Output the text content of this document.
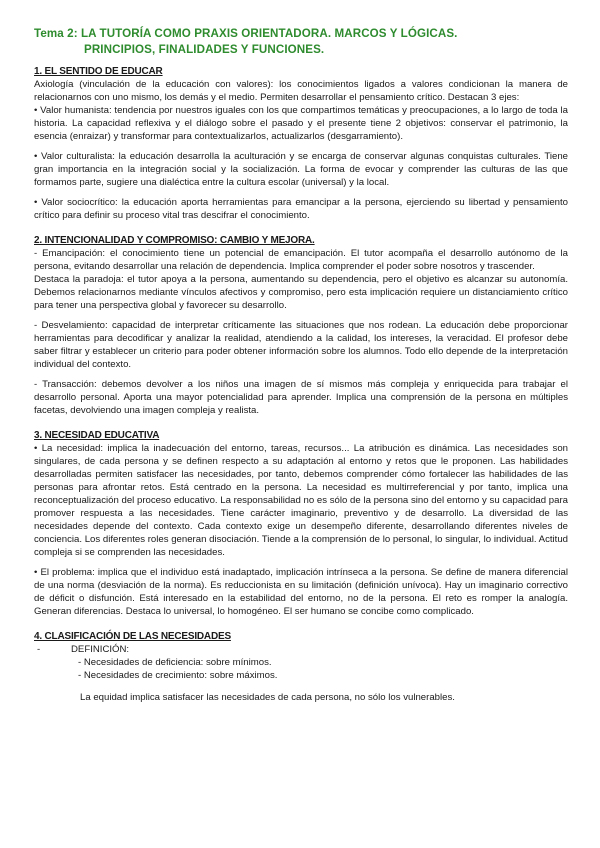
Tema 2: LA TUTORÍA COMO PRAXIS ORIENTADORA. MARCOS Y LÓGICAS.
PRINCIPIOS, FINALIDADES Y FUNCIONES.

1. EL SENTIDO DE EDUCAR

Axiología (vinculación de la educación con valores): los conocimientos ligados a valores condicionan la manera de relacionarnos con uno mismo, los demás y el medio. Permiten desarrollar el pensamiento crítico. Destacan 3 ejes:

• Valor humanista: tendencia por nuestros iguales con los que compartimos temáticas y preocupaciones, a lo largo de toda la historia. La capacidad reflexiva y el diálogo sobre el pasado y el presente tiene 2 objetivos: conservar el patrimonio, la esencia (enraizar) y transformar para contextualizarlos, actualizarlos (desgarramiento).

• Valor culturalista: la educación desarrolla la aculturación y se encarga de conservar algunas conquistas culturales. Tiene gran importancia en la integración social y la socialización. La forma de evocar y comprender las culturas de las que formamos parte, sugiere una dialéctica entre la cultura escolar (universal) y la local.

• Valor sociocrítico: la educación aporta herramientas para emancipar a la persona, ejerciendo su libertad y pensamiento crítico para definir su proceso vital tras descifrar el conocimiento.

2. INTENCIONALIDAD Y COMPROMISO: CAMBIO Y MEJORA.

- Emancipación: el conocimiento tiene un potencial de emancipación. El tutor acompaña el desarrollo autónomo de la persona, evitando desarrollar una relación de dependencia. Implica comprender el poder sobre nosotros y trascender.

Destaca la paradoja: el tutor apoya a la persona, aumentando su dependencia, pero el objetivo es alcanzar su autonomía. Debemos relacionarnos mediante vínculos afectivos y compromiso, pero esta implicación requiere un distanciamiento crítico para tener una perspectiva global y favorecer su desarrollo.

- Desvelamiento: capacidad de interpretar críticamente las situaciones que nos rodean. La educación debe proporcionar herramientas para decodificar y analizar la realidad, atendiendo a la calidad, los intereses, la veracidad. El profesor debe saber filtrar y establecer un criterio para poder obtener información sobre los alumnos. Todo ello depende de la interpretación individual del contexto.

- Transacción: debemos devolver a los niños una imagen de sí mismos más compleja y enriquecida para trabajar el desarrollo personal. Aporta una mayor potencialidad para aprender. Implica una comprensión de la persona en múltiples facetas, devolviendo una imagen compleja y realista.

3. NECESIDAD EDUCATIVA

• La necesidad: implica la inadecuación del entorno, tareas, recursos... La atribución es dinámica. Las necesidades son singulares, de cada persona y se definen respecto a su adaptación al entorno y retos que le proponen. Las habilidades desarrolladas permiten satisfacer las necesidades, por tanto, debemos comprender cómo fortalecer las habilidades de las personas para afrontar retos. Está centrado en la persona. La necesidad es multirreferencial y por tanto, implica una reconceptualización del proceso educativo. La responsabilidad no es sólo de la persona sino del entorno y su capacidad para promover respuesta a las necesidades. Tiene carácter imaginario, preventivo y de desarrollo. La diversidad de las necesidades depende del contexto. Cada contexto exige un desempeño diferente, desarrollando diferentes niveles de conciencia. Los diferentes roles generan disociación. Tiende a la comprensión de lo personal, lo singular, lo individual. Actitud compleja si se comprenden las necesidades.

• El problema: implica que el individuo está inadaptado, implicación intrínseca a la persona. Se define de manera diferencial de una norma (desviación de la norma). Es reduccionista en su limitación (definición unívoca). Hay un imaginario correctivo de déficit o disfunción. Está interesado en la estabilidad del entorno, no de la persona. El reto es romper la analogía. Generan diferencias. Destaca lo universal, lo homogéneo. El ser humano se concibe como complicado.

4. CLASIFICACIÓN DE LAS NECESIDADES

-	DEFINICIÓN:

- Necesidades de deficiencia: sobre mínimos.

- Necesidades de crecimiento: sobre máximos.

La equidad implica satisfacer las necesidades de cada persona, no sólo los vulnerables.
